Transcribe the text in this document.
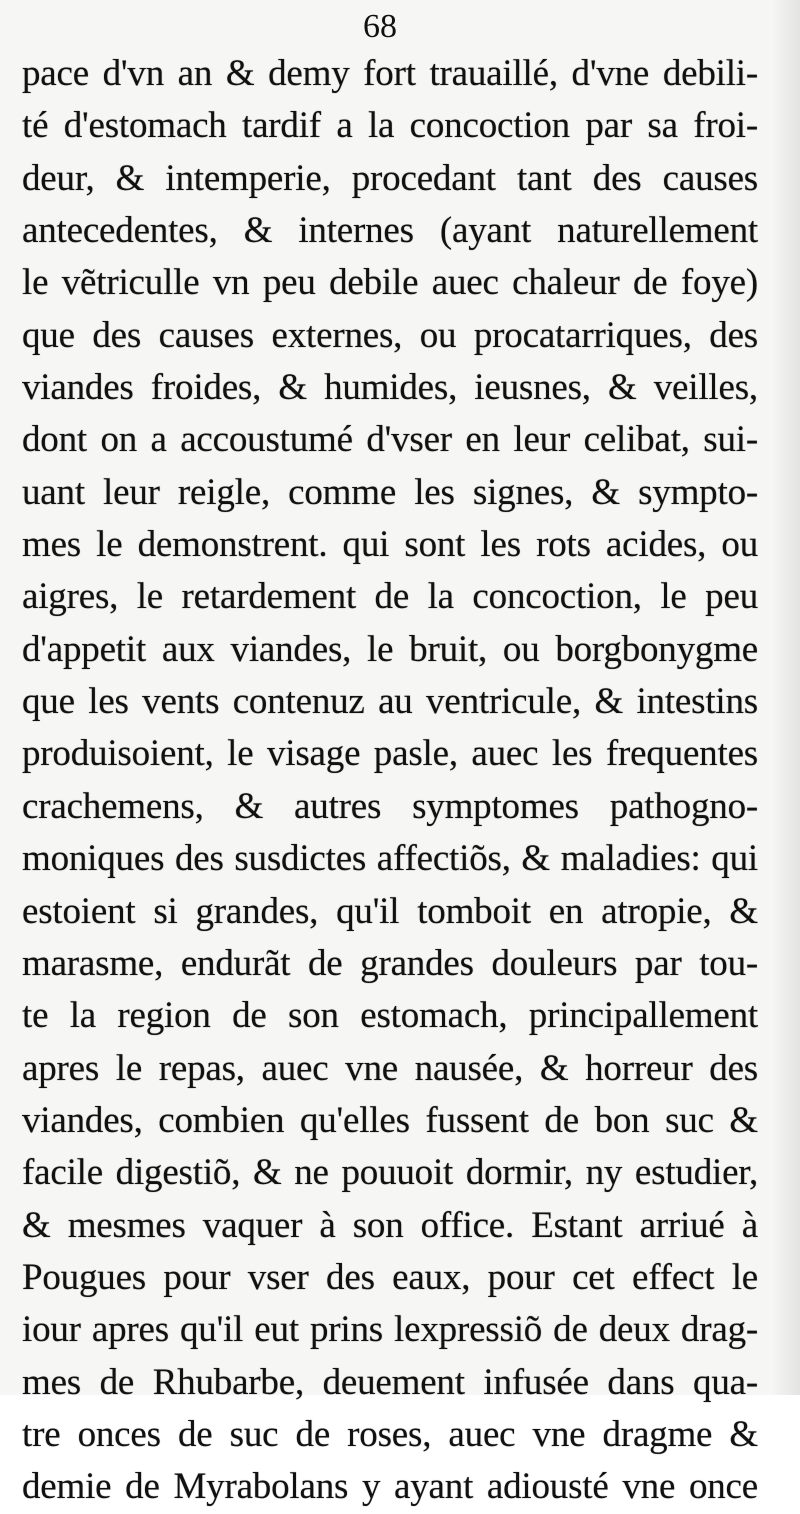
68
pace d'vn an & demy fort trauaillé, d'vne debili-
té d'estomach tardif a la concoction par sa froi-
deur, & intemperie, procedant tant des causes
antecedentes, & internes (ayant naturellement
le vẽtriculle vn peu debile auec chaleur de foye)
que des causes externes, ou procatarriques, des
viandes froides, & humides, ieusnes, & veilles,
dont on a accoustumé d'vser en leur celibat, sui-
uant leur reigle, comme les signes, & sympto-
mes le demonstrent. qui sont les rots acides, ou
aigres, le retardement de la concoction, le peu
d'appetit aux viandes, le bruit, ou borgbonygme
que les vents contenuz au ventricule, & intestins
produisoient, le visage pasle, auec les frequentes
crachemens, & autres symptomes pathogno-
moniques des susdictes affectiõs, & maladies: qui
estoient si grandes, qu'il tomboit en atropie, &
marasme, endurãt de grandes douleurs par tou-
te la region de son estomach, principallement
apres le repas, auec vne nausée, & horreur des
viandes, combien qu'elles fussent de bon suc &
facile digestiõ, & ne pouuoit dormir, ny estudier,
& mesmes vaquer à son office. Estant arriué à
Pougues pour vser des eaux, pour cet effect le
iour apres qu'il eut prins lexpressiõ de deux drag-
mes de Rhubarbe, deuement infusée dans qua-
tre onces de suc de roses, auec vne dragme &
demie de Myrabolans y ayant adiousté vne once
